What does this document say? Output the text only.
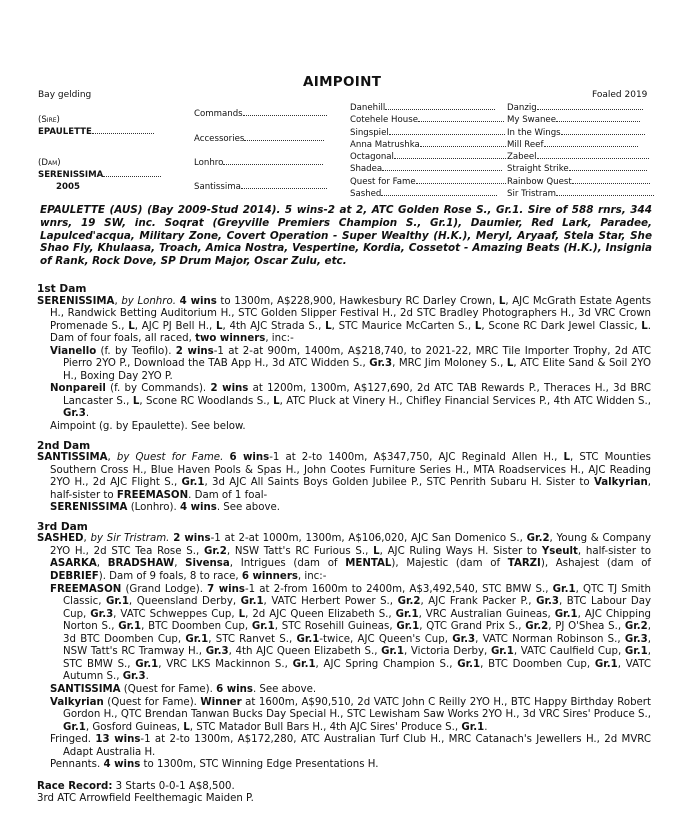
AIMPOINT
Bay gelding	Foaled 2019
(Sire)
EPAULETTE
(Dam)
SERENISSIMA
2005
Commands
Accessories
Lonhro
Santissima
Danehill
Cotehele House
Singspiel
Anna Matrushka
Octagonal
Shadea
Quest for Fame
Sashed
Danzig
My Swanee
In the Wings
Mill Reef
Zabeel
Straight Strike
Rainbow Quest
Sir Tristram
EPAULETTE (AUS) (Bay 2009-Stud 2014). 5 wins-2 at 2, ATC Golden Rose S., Gr.1. Sire of 588 rnrs, 344 wnrs, 19 SW, inc. Soqrat (Greyville Premiers Champion S., Gr.1), Daumier, Red Lark, Paradee, Lapulced'acqua, Military Zone, Covert Operation - Super Wealthy (H.K.), Meryl, Aryaaf, Stela Star, She Shao Fly, Khulaasa, Troach, Amica Nostra, Vespertine, Kordia, Cossetot - Amazing Beats (H.K.), Insignia of Rank, Rock Dove, SP Drum Major, Oscar Zulu, etc.

1st Dam

SERENISSIMA, by Lonhro. 4 wins to 1300m, A$228,900, Hawkesbury RC Darley Crown, L, AJC McGrath Estate Agents H., Randwick Betting Auditorium H., STC Golden Slipper Festival H., 2d STC Bradley Photographers H., 3d VRC Crown Promenade S., L, AJC PJ Bell H., L, 4th AJC Strada S., L, STC Maurice McCarten S., L, Scone RC Dark Jewel Classic, L. Dam of four foals, all raced, two winners, inc:-

Vianello (f. by Teofilo). 2 wins-1 at 2-at 900m, 1400m, A$218,740, to 2021-22, MRC Tile Importer Trophy, 2d ATC Pierro 2YO P., Download the TAB App H., 3d ATC Widden S., Gr.3, MRC Jim Moloney S., L, ATC Elite Sand & Soil 2YO H., Boxing Day 2YO P.

Nonpareil (f. by Commands). 2 wins at 1200m, 1300m, A$127,690, 2d ATC TAB Rewards P., Theraces H., 3d BRC Lancaster S., L, Scone RC Woodlands S., L, ATC Pluck at Vinery H., Chifley Financial Services P., 4th ATC Widden S., Gr.3.

Aimpoint (g. by Epaulette). See below.

2nd Dam

SANTISSIMA, by Quest for Fame. 6 wins-1 at 2-to 1400m, A$347,750, AJC Reginald Allen H., L, STC Mounties Southern Cross H., Blue Haven Pools & Spas H., John Cootes Furniture Series H., MTA Roadservices H., AJC Reading 2YO H., 2d AJC Flight S., Gr.1, 3d AJC All Saints Boys Golden Jubilee P., STC Penrith Subaru H. Sister to Valkyrian, half-sister to FREEMASON. Dam of 1 foal-

SERENISSIMA (Lonhro). 4 wins. See above.

3rd Dam

SASHED, by Sir Tristram. 2 wins-1 at 2-at 1000m, 1300m, A$106,020, AJC San Domenico S., Gr.2, Young & Company 2YO H., 2d STC Tea Rose S., Gr.2, NSW Tatt's RC Furious S., L, AJC Ruling Ways H. Sister to Yseult, half-sister to ASARKA, BRADSHAW, Sivensa, Intrigues (dam of MENTAL), Majestic (dam of TARZI), Ashajest (dam of DEBRIEF). Dam of 9 foals, 8 to race, 6 winners, inc:-

FREEMASON (Grand Lodge). 7 wins-1 at 2-from 1600m to 2400m, A$3,492,540, STC BMW S., Gr.1, QTC TJ Smith Classic, Gr.1, Queensland Derby, Gr.1, VATC Herbert Power S., Gr.2, AJC Frank Packer P., Gr.3, BTC Labour Day Cup, Gr.3, VATC Schweppes Cup, L, 2d AJC Queen Elizabeth S., Gr.1, VRC Australian Guineas, Gr.1, AJC Chipping Norton S., Gr.1, BTC Doomben Cup, Gr.1, STC Rosehill Guineas, Gr.1, QTC Grand Prix S., Gr.2, PJ O'Shea S., Gr.2, 3d BTC Doomben Cup, Gr.1, STC Ranvet S., Gr.1-twice, AJC Queen's Cup, Gr.3, VATC Norman Robinson S., Gr.3, NSW Tatt's RC Tramway H., Gr.3, 4th AJC Queen Elizabeth S., Gr.1, Victoria Derby, Gr.1, VATC Caulfield Cup, Gr.1, STC BMW S., Gr.1, VRC LKS Mackinnon S., Gr.1, AJC Spring Champion S., Gr.1, BTC Doomben Cup, Gr.1, VATC Autumn S., Gr.3.

SANTISSIMA (Quest for Fame). 6 wins. See above.

Valkyrian (Quest for Fame). Winner at 1600m, A$90,510, 2d VATC John C Reilly 2YO H., BTC Happy Birthday Robert Gordon H., QTC Brendan Tanwan Bucks Day Special H., STC Lewisham Saw Works 2YO H., 3d VRC Sires' Produce S., Gr.1, Gosford Guineas, L, STC Matador Bull Bars H., 4th AJC Sires' Produce S., Gr.1.

Fringed. 13 wins-1 at 2-to 1300m, A$172,280, ATC Australian Turf Club H., MRC Catanach's Jewellers H., 2d MVRC Adapt Australia H.

Pennants. 4 wins to 1300m, STC Winning Edge Presentations H.

Race Record: 3 Starts 0-0-1 A$8,500.

3rd ATC Arrowfield Feelthemagic Maiden P.
